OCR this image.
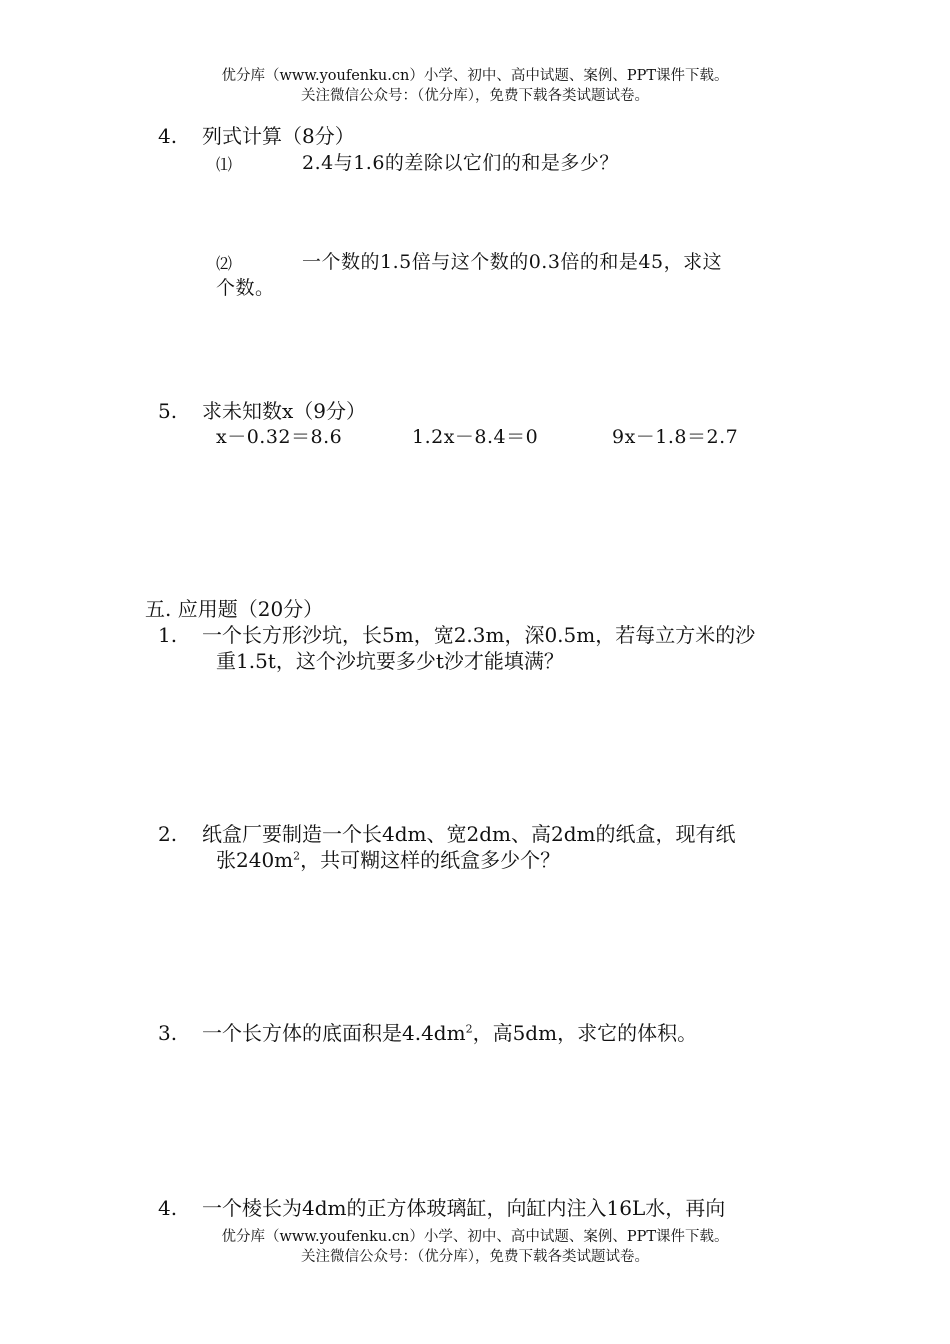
优分库（www.youfenku.cn）小学、初中、高中试题、案例、PPT课件下载。
关注微信公众号：（优分库），免费下载各类试题试卷。
4. 列式计算（8分）
⑴	2.4与1.6的差除以它们的和是多少？
⑵	一个数的1.5倍与这个数的0.3倍的和是45，求这
个数。
5. 求未知数x（9分）
x－0.32＝8.6	1.2x－8.4＝0	9x－1.8＝2.7
五. 应用题（20分）
1. 一个长方形沙坑，长5m，宽2.3m，深0.5m，若每立方米的沙
重1.5t，这个沙坑要多少t沙才能填满？
2. 纸盒厂要制造一个长4dm、宽2dm、高2dm的纸盒，现有纸
张$240m^2$，共可糊这样的纸盒多少个？
3. 一个长方体的底面积是$4.4dm^2$，高5dm，求它的体积。
4. 一个棱长为4dm的正方体玻璃缸，向缸内注入16L水，再向
优分库（www.youfenku.cn）小学、初中、高中试题、案例、PPT课件下载。
关注微信公众号：（优分库），免费下载各类试题试卷。
